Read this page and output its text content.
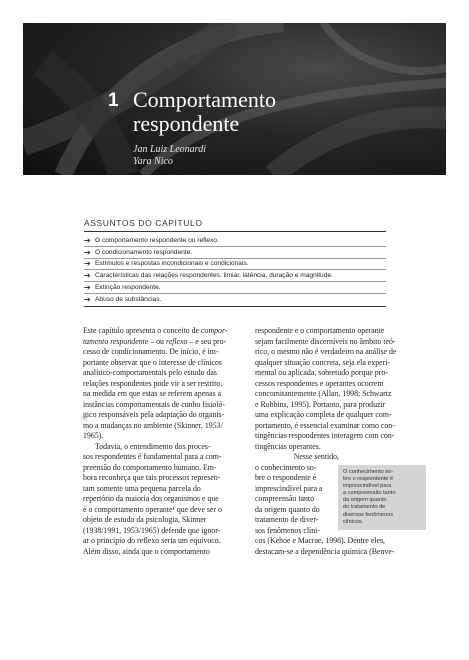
1 Comportamento
respondente
Jan Luiz Leonardi
Yara Nico
ASSUNTOS DO CAPÍTULO
➔ O comportamento respondente ou reflexo.
➔ O condicionamento respondente.
➔ Estímulos e respostas incondicionais e condicionais.
➔ Características das relações respondentes: limiar, latência, duração e magnitude.
➔ Extinção respondente.
➔ Abuso de substâncias.
Este capítulo apresenta o conceito de compor-
tamento respondente – ou reflexo – e seu pro-
cesso de condicionamento. De início, é im-
portante observar que o interesse de clínicos
analítico-comportamentais pelo estudo das
relações respondentes pode vir a ser restrito,
na medida em que estas se referem apenas a
instâncias comportamentais de cunho fisioló-
gico responsáveis pela adaptação do organis-
mo a mudanças no ambiente (Skinner, 1953/
1965).
Todavia, o entendimento dos proces-
sos respondentes é fundamental para a com-
preensão do comportamento humano. Em-
bora reconheça que tais processos represen-
tam somente uma pequena parcela do
repertório da maioria dos organismos e que
é o comportamento operante¹ que deve ser o
objeto de estudo da psicologia, Skinner
(1938/1991, 1953/1965) defende que ignor-
ar o princípio do reflexo seria um equívoco.
Além disso, ainda que o comportamento
respondente e o comportamento operante
sejam facilmente discerníveis no âmbito teó-
rico, o mesmo não é verdadeiro na análise de
qualquer situação concreta, seja ela experi-
mental ou aplicada, sobretudo porque pro-
cessos respondentes e operantes ocorrem
concomitantemente (Allan, 1998; Schwartz
e Robbins, 1995). Portanto, para produzir
uma explicação completa de qualquer com-
portamento, é essencial examinar como con-
tingências respondentes interagem com con-
tingências operantes.
Nesse sentido,
o conhecimento so-
bre o respondente é
imprescindível para a
compreensão tanto
da origem quanto do
tratamento de diver-
sos fenômenos clíni-
cos (Kehoe e Macrae, 1998). Dentre eles,
destacam-se a dependência química (Benve-
O conhecimento so-
bre o respondente é
imprescindível para
a compreensão tanto
da origem quanto
do tratamento de
diversos fenômenos
clínicos.
